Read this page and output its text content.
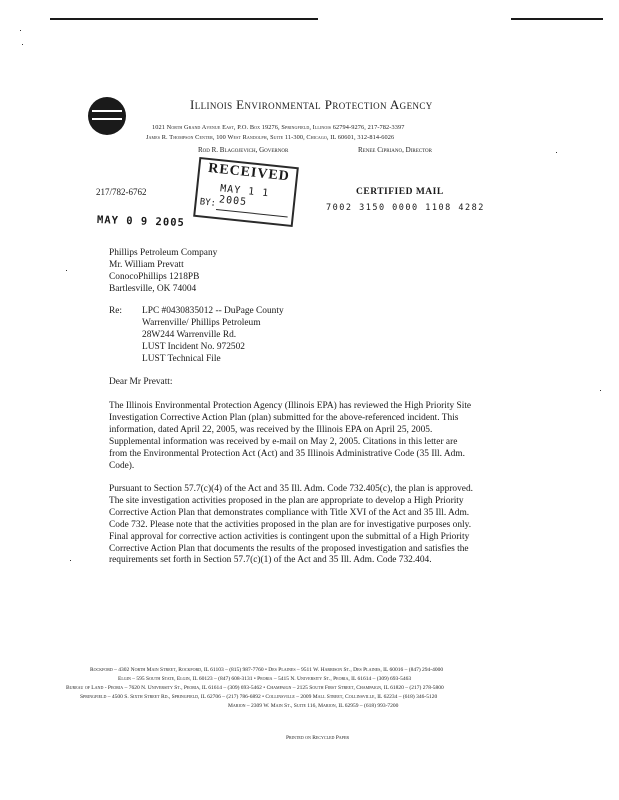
Illinois Environmental Protection Agency
1021 North Grand Avenue East, P.O. Box 19276, Springfield, Illinois 62794-9276, 217-782-3397
James R. Thompson Center, 100 West Randolph, Suite 11-300, Chicago, IL 60601, 312-814-6026
Rod R. Blagojevich, Governor	Renee Cipriano, Director
217/782-6762
RECEIVED
MAY 1 1 2005
BY:
CERTIFIED MAIL
7002 3150 0000 1108 4282
MAY 0 9 2005
Phillips Petroleum Company
Mr. William Prevatt
ConocoPhillips 1218PB
Bartlesville, OK 74004
Re: LPC #0430835012 -- DuPage County
Warrenville/ Phillips Petroleum
28W244 Warrenville Rd.
LUST Incident No. 972502
LUST Technical File
Dear Mr Prevatt:
The Illinois Environmental Protection Agency (Illinois EPA) has reviewed the High Priority Site
Investigation Corrective Action Plan (plan) submitted for the above-referenced incident. This
information, dated April 22, 2005, was received by the Illinois EPA on April 25, 2005.
Supplemental information was received by e-mail on May 2, 2005. Citations in this letter are
from the Environmental Protection Act (Act) and 35 Illinois Administrative Code (35 Ill. Adm.
Code).
Pursuant to Section 57.7(c)(4) of the Act and 35 Ill. Adm. Code 732.405(c), the plan is approved.
The site investigation activities proposed in the plan are appropriate to develop a High Priority
Corrective Action Plan that demonstrates compliance with Title XVI of the Act and 35 Ill. Adm.
Code 732. Please note that the activities proposed in the plan are for investigative purposes only.
Final approval for corrective action activities is contingent upon the submittal of a High Priority
Corrective Action Plan that documents the results of the proposed investigation and satisfies the
requirements set forth in Section 57.7(c)(1) of the Act and 35 Ill. Adm. Code 732.404.
Rockford – 4302 North Main Street, Rockford, IL 61103 – (815) 987-7760 • Des Plaines – 9511 W. Harrison St., Des Plaines, IL 60016 – (847) 294-4000
Elgin – 595 South State, Elgin, IL 60123 – (847) 608-3131 • Peoria – 5415 N. University St., Peoria, IL 61614 – (309) 693-5463
Bureau of Land - Peoria – 7620 N. University St., Peoria, IL 61614 – (309) 693-5462 • Champaign – 2125 South First Street, Champaign, IL 61820 – (217) 278-5800
Springfield – 4500 S. Sixth Street Rd., Springfield, IL 62706 – (217) 786-6892 • Collinsville – 2009 Mall Street, Collinsville, IL 62234 – (618) 346-5120
Marion – 2309 W. Main St., Suite 116, Marion, IL 62959 – (618) 993-7200
Printed on Recycled Paper
